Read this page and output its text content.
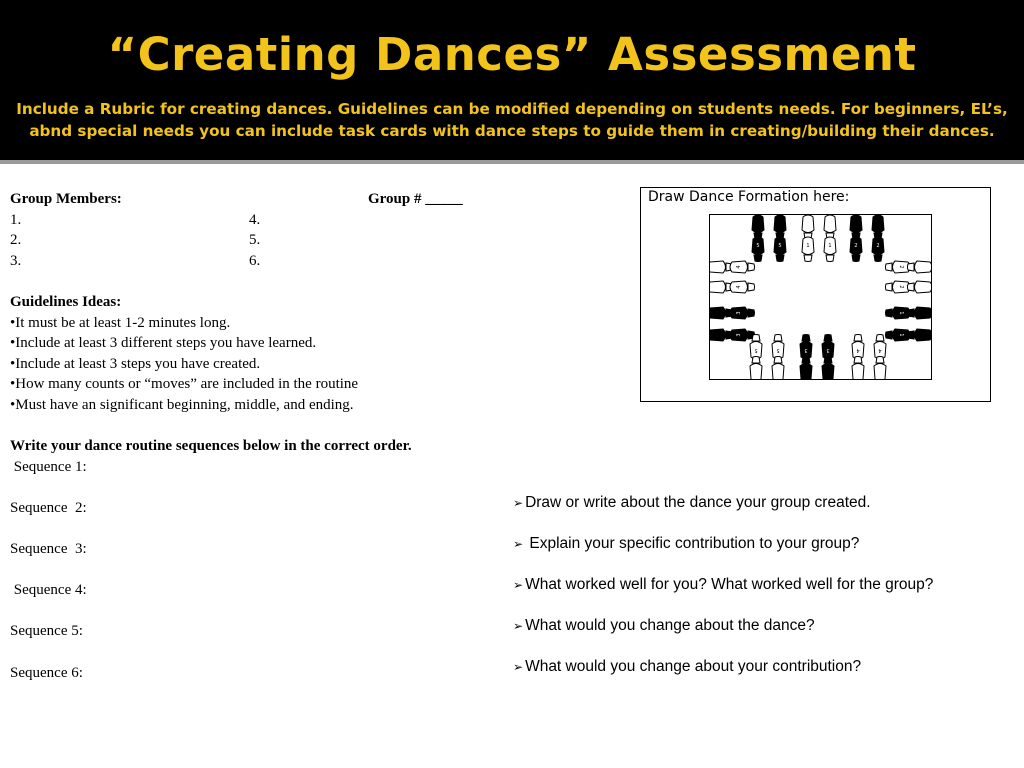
“Creating Dances” Assessment
Include a Rubric for creating dances. Guidelines can be modified depending on students needs. For beginners, EL’s,
abnd special needs you can include task cards with dance steps to guide them in creating/building their dances.
Group Members:	Group # _____
1.	4.
2.	5.
3.	6.
Guidelines Ideas:
•It must be at least 1-2 minutes long.
•Include at least 3 different steps you have learned.
•Include at least 3 steps you have created.
•How many counts or “moves” are included in the routine
•Must have an significant beginning, middle, and ending.
Write your dance routine sequences below in the correct order.
Sequence 1:
Sequence  2:
Sequence  3:
Sequence 4:
Sequence 5:
Sequence 6:
Draw Dance Formation here:
5	5	1	1	2	2
4
4
3
3
2
2
1
1
5	5	3	3	4	4
➢ Draw or write about the dance your group created.
➢ Explain your specific contribution to your group?
➢ What worked well for you? What worked well for the group?
➢ What would you change about the dance?
➢ What would you change about your contribution?
